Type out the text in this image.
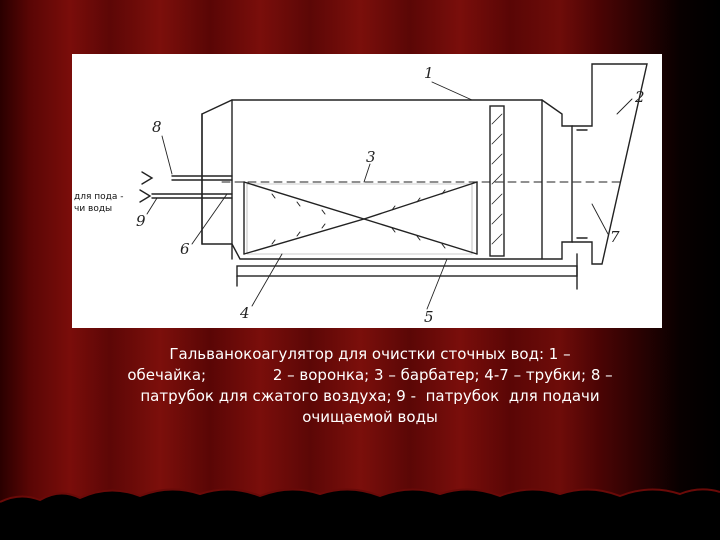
1
2
3
4	5
6
7
8
9
для пода -
чи воды
Гальванокоагулятор для очистки сточных вод: 1 –
обечайка;              2 – воронка; 3 – барбатер; 4-7 – трубки; 8 –
патрубок для сжатого воздуха; 9 -  патрубок  для подачи
очищаемой воды
